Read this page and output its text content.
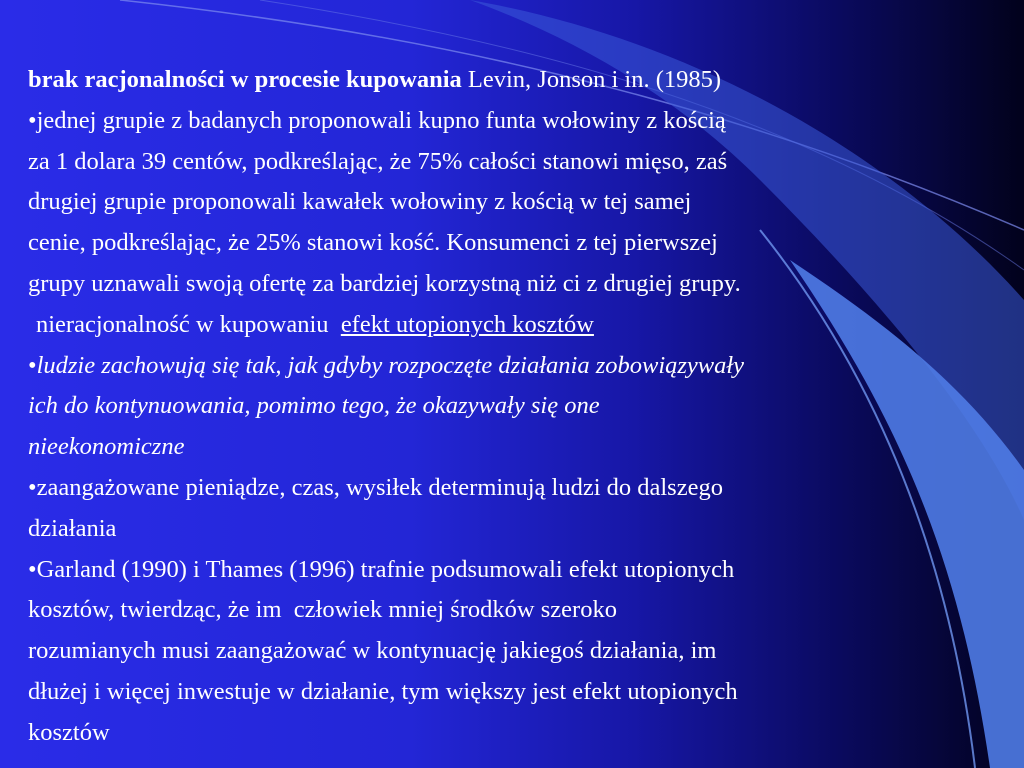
brak racjonalności w procesie kupowania Levin, Jonson i in. (1985)

•jednej grupie z badanych proponowali kupno funta wołowiny z kością

za 1 dolara 39 centów, podkreślając, że 75% całości stanowi mięso, zaś

drugiej grupie proponowali kawałek wołowiny z kością w tej samej

cenie, podkreślając, że 25% stanowi kość. Konsumenci z tej pierwszej

grupy uznawali swoją ofertę za bardziej korzystną niż ci z drugiej grupy.

nieracjonalność w kupowaniu efekt utopionych kosztów

•ludzie zachowują się tak, jak gdyby rozpoczęte działania zobowiązywały

ich do kontynuowania, pomimo tego, że okazywały się one

nieekonomiczne

•zaangażowane pieniądze, czas, wysiłek determinują ludzi do dalszego

działania

•Garland (1990) i Thames (1996) trafnie podsumowali efekt utopionych

kosztów, twierdząc, że im  człowiek mniej środków szeroko

rozumianych musi zaangażować w kontynuację jakiegoś działania, im

dłużej i więcej inwestuje w działanie, tym większy jest efekt utopionych

kosztów
